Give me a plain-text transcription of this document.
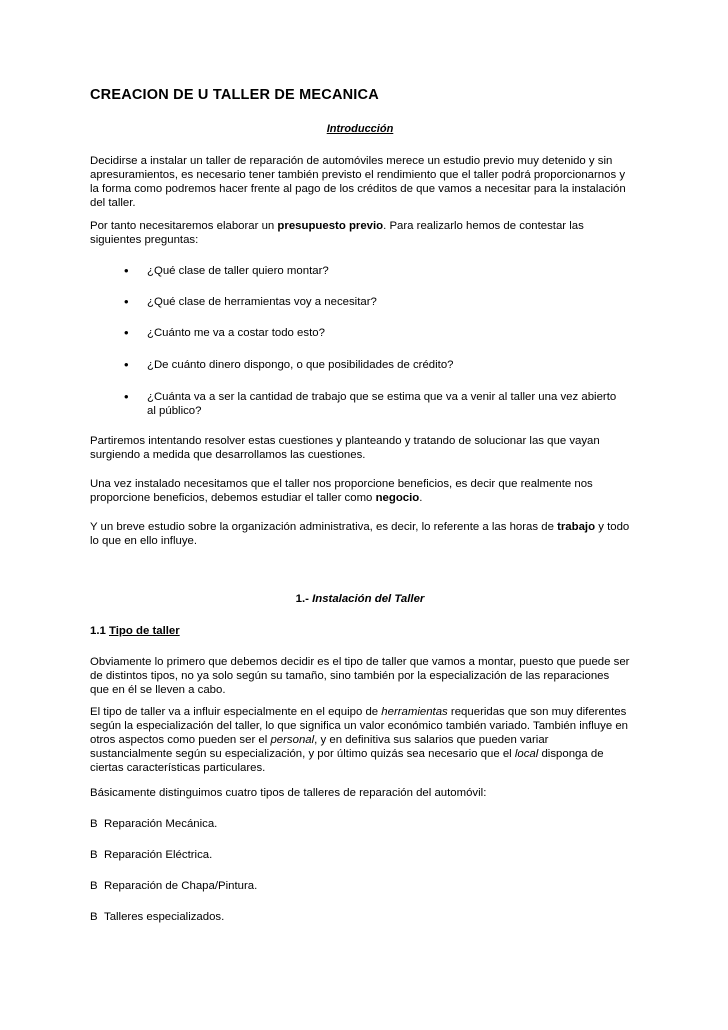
CREACION DE U TALLER DE MECANICA
Introducción

Decidirse a instalar un taller de reparación de automóviles merece un estudio previo muy detenido y sin apresuramientos, es necesario tener también previsto el rendimiento que el taller podrá proporcionarnos y la forma como podremos hacer frente al pago de los créditos de que vamos a necesitar para la instalación del taller.

Por tanto necesitaremos elaborar un presupuesto previo. Para realizarlo hemos de contestar las siguientes preguntas:

• ¿Qué clase de taller quiero montar?
• ¿Qué clase de herramientas voy a necesitar?
• ¿Cuánto me va a costar todo esto?
• ¿De cuánto dinero dispongo, o que posibilidades de crédito?
• ¿Cuánta va a ser la cantidad de trabajo que se estima que va a venir al taller una vez abierto al público?

Partiremos intentando resolver estas cuestiones y planteando y tratando de solucionar las que vayan surgiendo a medida que desarrollamos las cuestiones.

Una vez instalado necesitamos que el taller nos proporcione beneficios, es decir que realmente nos proporcione beneficios, debemos estudiar el taller como negocio.

Y un breve estudio sobre la organización administrativa, es decir, lo referente a las horas de trabajo y todo lo que en ello influye.

1.- Instalación del Taller
1.1 Tipo de taller

Obviamente lo primero que debemos decidir es el tipo de taller que vamos a montar, puesto que puede ser de distintos tipos, no ya solo según su tamaño, sino también por la especialización de las reparaciones que en él se lleven a cabo.

El tipo de taller va a influir especialmente en el equipo de herramientas requeridas que son muy diferentes según la especialización del taller, lo que significa un valor económico también variado. También influye en otros aspectos como pueden ser el personal, y en definitiva sus salarios que pueden variar sustancialmente según su especialización, y por último quizás sea necesario que el local disponga de ciertas características particulares.

Básicamente distinguimos cuatro tipos de talleres de reparación del automóvil:

B Reparación Mecánica.
B Reparación Eléctrica.
B Reparación de Chapa/Pintura.
B Talleres especializados.
